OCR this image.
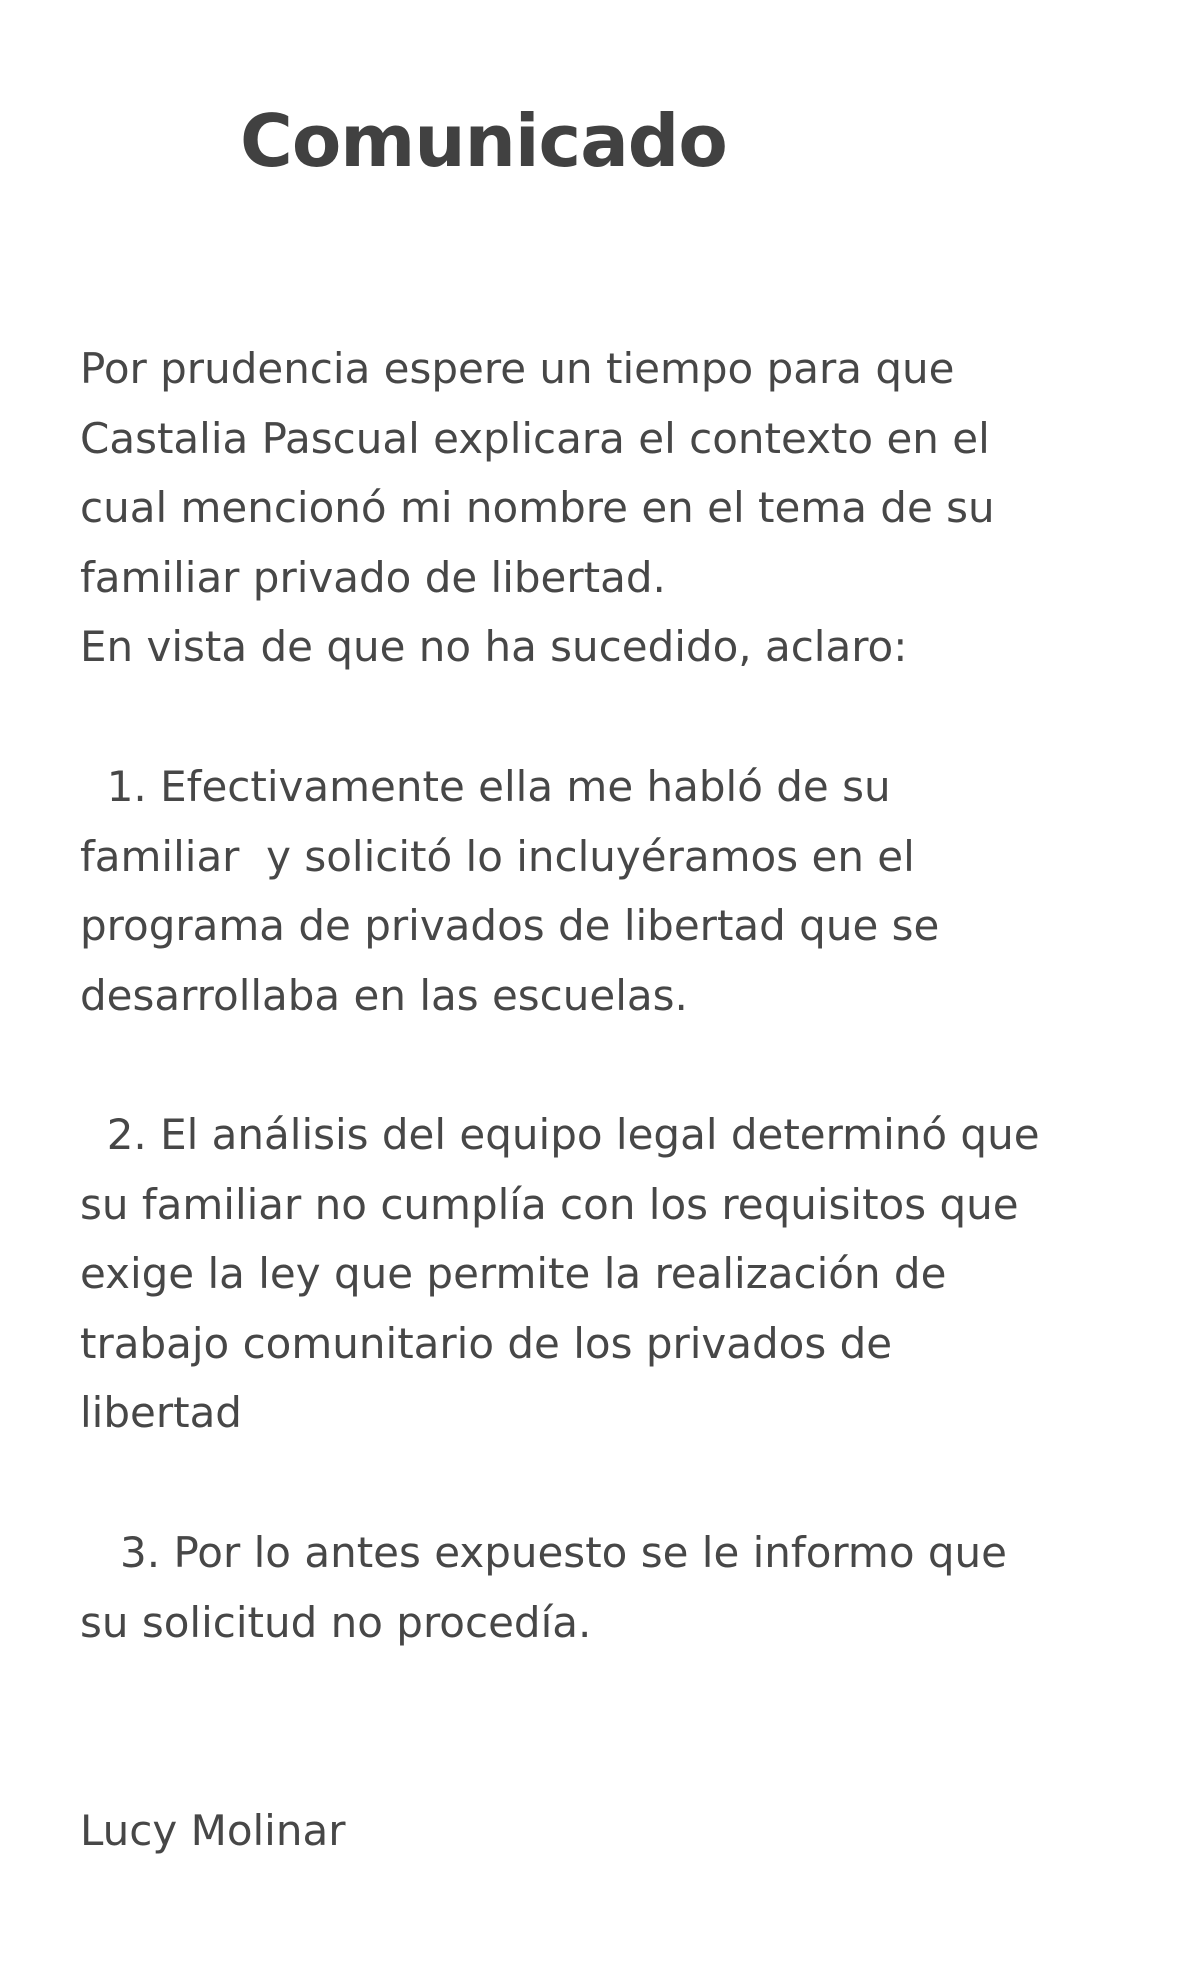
Comunicado

Por prudencia espere un tiempo para que
Castalia Pascual explicara el contexto en el
cual mencionó mi nombre en el tema de su
familiar privado de libertad.
En vista de que no ha sucedido, aclaro:

1. Efectivamente ella me habló de su
familiar  y solicitó lo incluyéramos en el
programa de privados de libertad que se
desarrollaba en las escuelas.

2. El análisis del equipo legal determinó que
su familiar no cumplía con los requisitos que
exige la ley que permite la realización de
trabajo comunitario de los privados de
libertad

3. Por lo antes expuesto se le informo que
su solicitud no procedía.

Lucy Molinar
